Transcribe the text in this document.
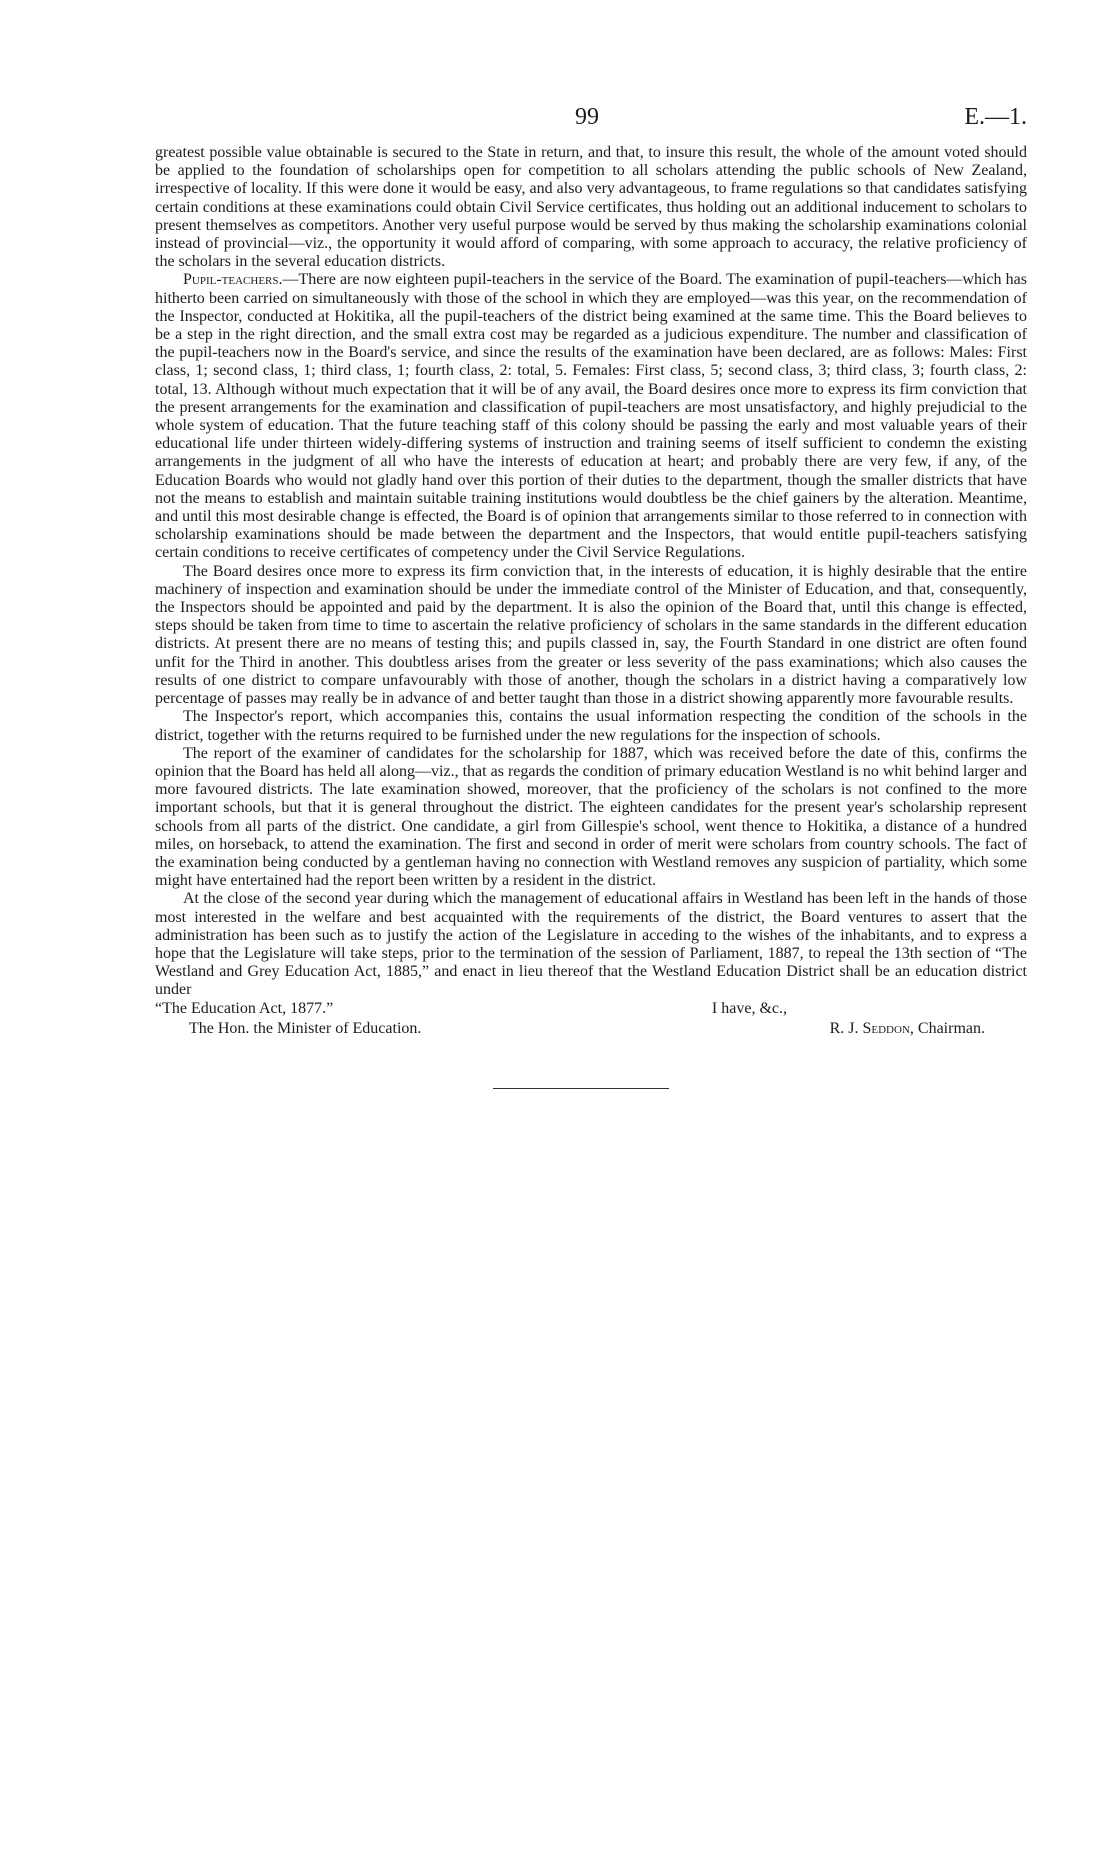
99	E.—1.

greatest possible value obtainable is secured to the State in return, and that, to insure this result, the whole of the amount voted should be applied to the foundation of scholarships open for competition to all scholars attending the public schools of New Zealand, irrespective of locality. If this were done it would be easy, and also very advantageous, to frame regulations so that candidates satisfying certain conditions at these examinations could obtain Civil Service certificates, thus holding out an additional inducement to scholars to present themselves as competitors. Another very useful purpose would be served by thus making the scholarship examinations colonial instead of provincial—viz., the opportunity it would afford of comparing, with some approach to accuracy, the relative proficiency of the scholars in the several education districts.

Pupil-teachers.—There are now eighteen pupil-teachers in the service of the Board. The examination of pupil-teachers—which has hitherto been carried on simultaneously with those of the school in which they are employed—was this year, on the recommendation of the Inspector, conducted at Hokitika, all the pupil-teachers of the district being examined at the same time. This the Board believes to be a step in the right direction, and the small extra cost may be regarded as a judicious expenditure. The number and classification of the pupil-teachers now in the Board's service, and since the results of the examination have been declared, are as follows: Males: First class, 1; second class, 1; third class, 1; fourth class, 2: total, 5. Females: First class, 5; second class, 3; third class, 3; fourth class, 2: total, 13. Although without much expectation that it will be of any avail, the Board desires once more to express its firm conviction that the present arrangements for the examination and classification of pupil-teachers are most unsatisfactory, and highly prejudicial to the whole system of education. That the future teaching staff of this colony should be passing the early and most valuable years of their educational life under thirteen widely-differing systems of instruction and training seems of itself sufficient to condemn the existing arrangements in the judgment of all who have the interests of education at heart; and probably there are very few, if any, of the Education Boards who would not gladly hand over this portion of their duties to the department, though the smaller districts that have not the means to establish and maintain suitable training institutions would doubtless be the chief gainers by the alteration. Meantime, and until this most desirable change is effected, the Board is of opinion that arrangements similar to those referred to in connection with scholarship examinations should be made between the department and the Inspectors, that would entitle pupil-teachers satisfying certain conditions to receive certificates of competency under the Civil Service Regulations.

The Board desires once more to express its firm conviction that, in the interests of education, it is highly desirable that the entire machinery of inspection and examination should be under the immediate control of the Minister of Education, and that, consequently, the Inspectors should be appointed and paid by the department. It is also the opinion of the Board that, until this change is effected, steps should be taken from time to time to ascertain the relative proficiency of scholars in the same standards in the different education districts. At present there are no means of testing this; and pupils classed in, say, the Fourth Standard in one district are often found unfit for the Third in another. This doubtless arises from the greater or less severity of the pass examinations; which also causes the results of one district to compare unfavourably with those of another, though the scholars in a district having a comparatively low percentage of passes may really be in advance of and better taught than those in a district showing apparently more favourable results.

The Inspector's report, which accompanies this, contains the usual information respecting the condition of the schools in the district, together with the returns required to be furnished under the new regulations for the inspection of schools.

The report of the examiner of candidates for the scholarship for 1887, which was received before the date of this, confirms the opinion that the Board has held all along—viz., that as regards the condition of primary education Westland is no whit behind larger and more favoured districts. The late examination showed, moreover, that the proficiency of the scholars is not confined to the more important schools, but that it is general throughout the district. The eighteen candidates for the present year's scholarship represent schools from all parts of the district. One candidate, a girl from Gillespie's school, went thence to Hokitika, a distance of a hundred miles, on horseback, to attend the examination. The first and second in order of merit were scholars from country schools. The fact of the examination being conducted by a gentleman having no connection with Westland removes any suspicion of partiality, which some might have entertained had the report been written by a resident in the district.

At the close of the second year during which the management of educational affairs in Westland has been left in the hands of those most interested in the welfare and best acquainted with the requirements of the district, the Board ventures to assert that the administration has been such as to justify the action of the Legislature in acceding to the wishes of the inhabitants, and to express a hope that the Legislature will take steps, prior to the termination of the session of Parliament, 1887, to repeal the 13th section of “The Westland and Grey Education Act, 1885,” and enact in lieu thereof that the Westland Education District shall be an education district under

“The Education Act, 1877.”	I have, &c.,
The Hon. the Minister of Education.	R. J. Seddon, Chairman.
